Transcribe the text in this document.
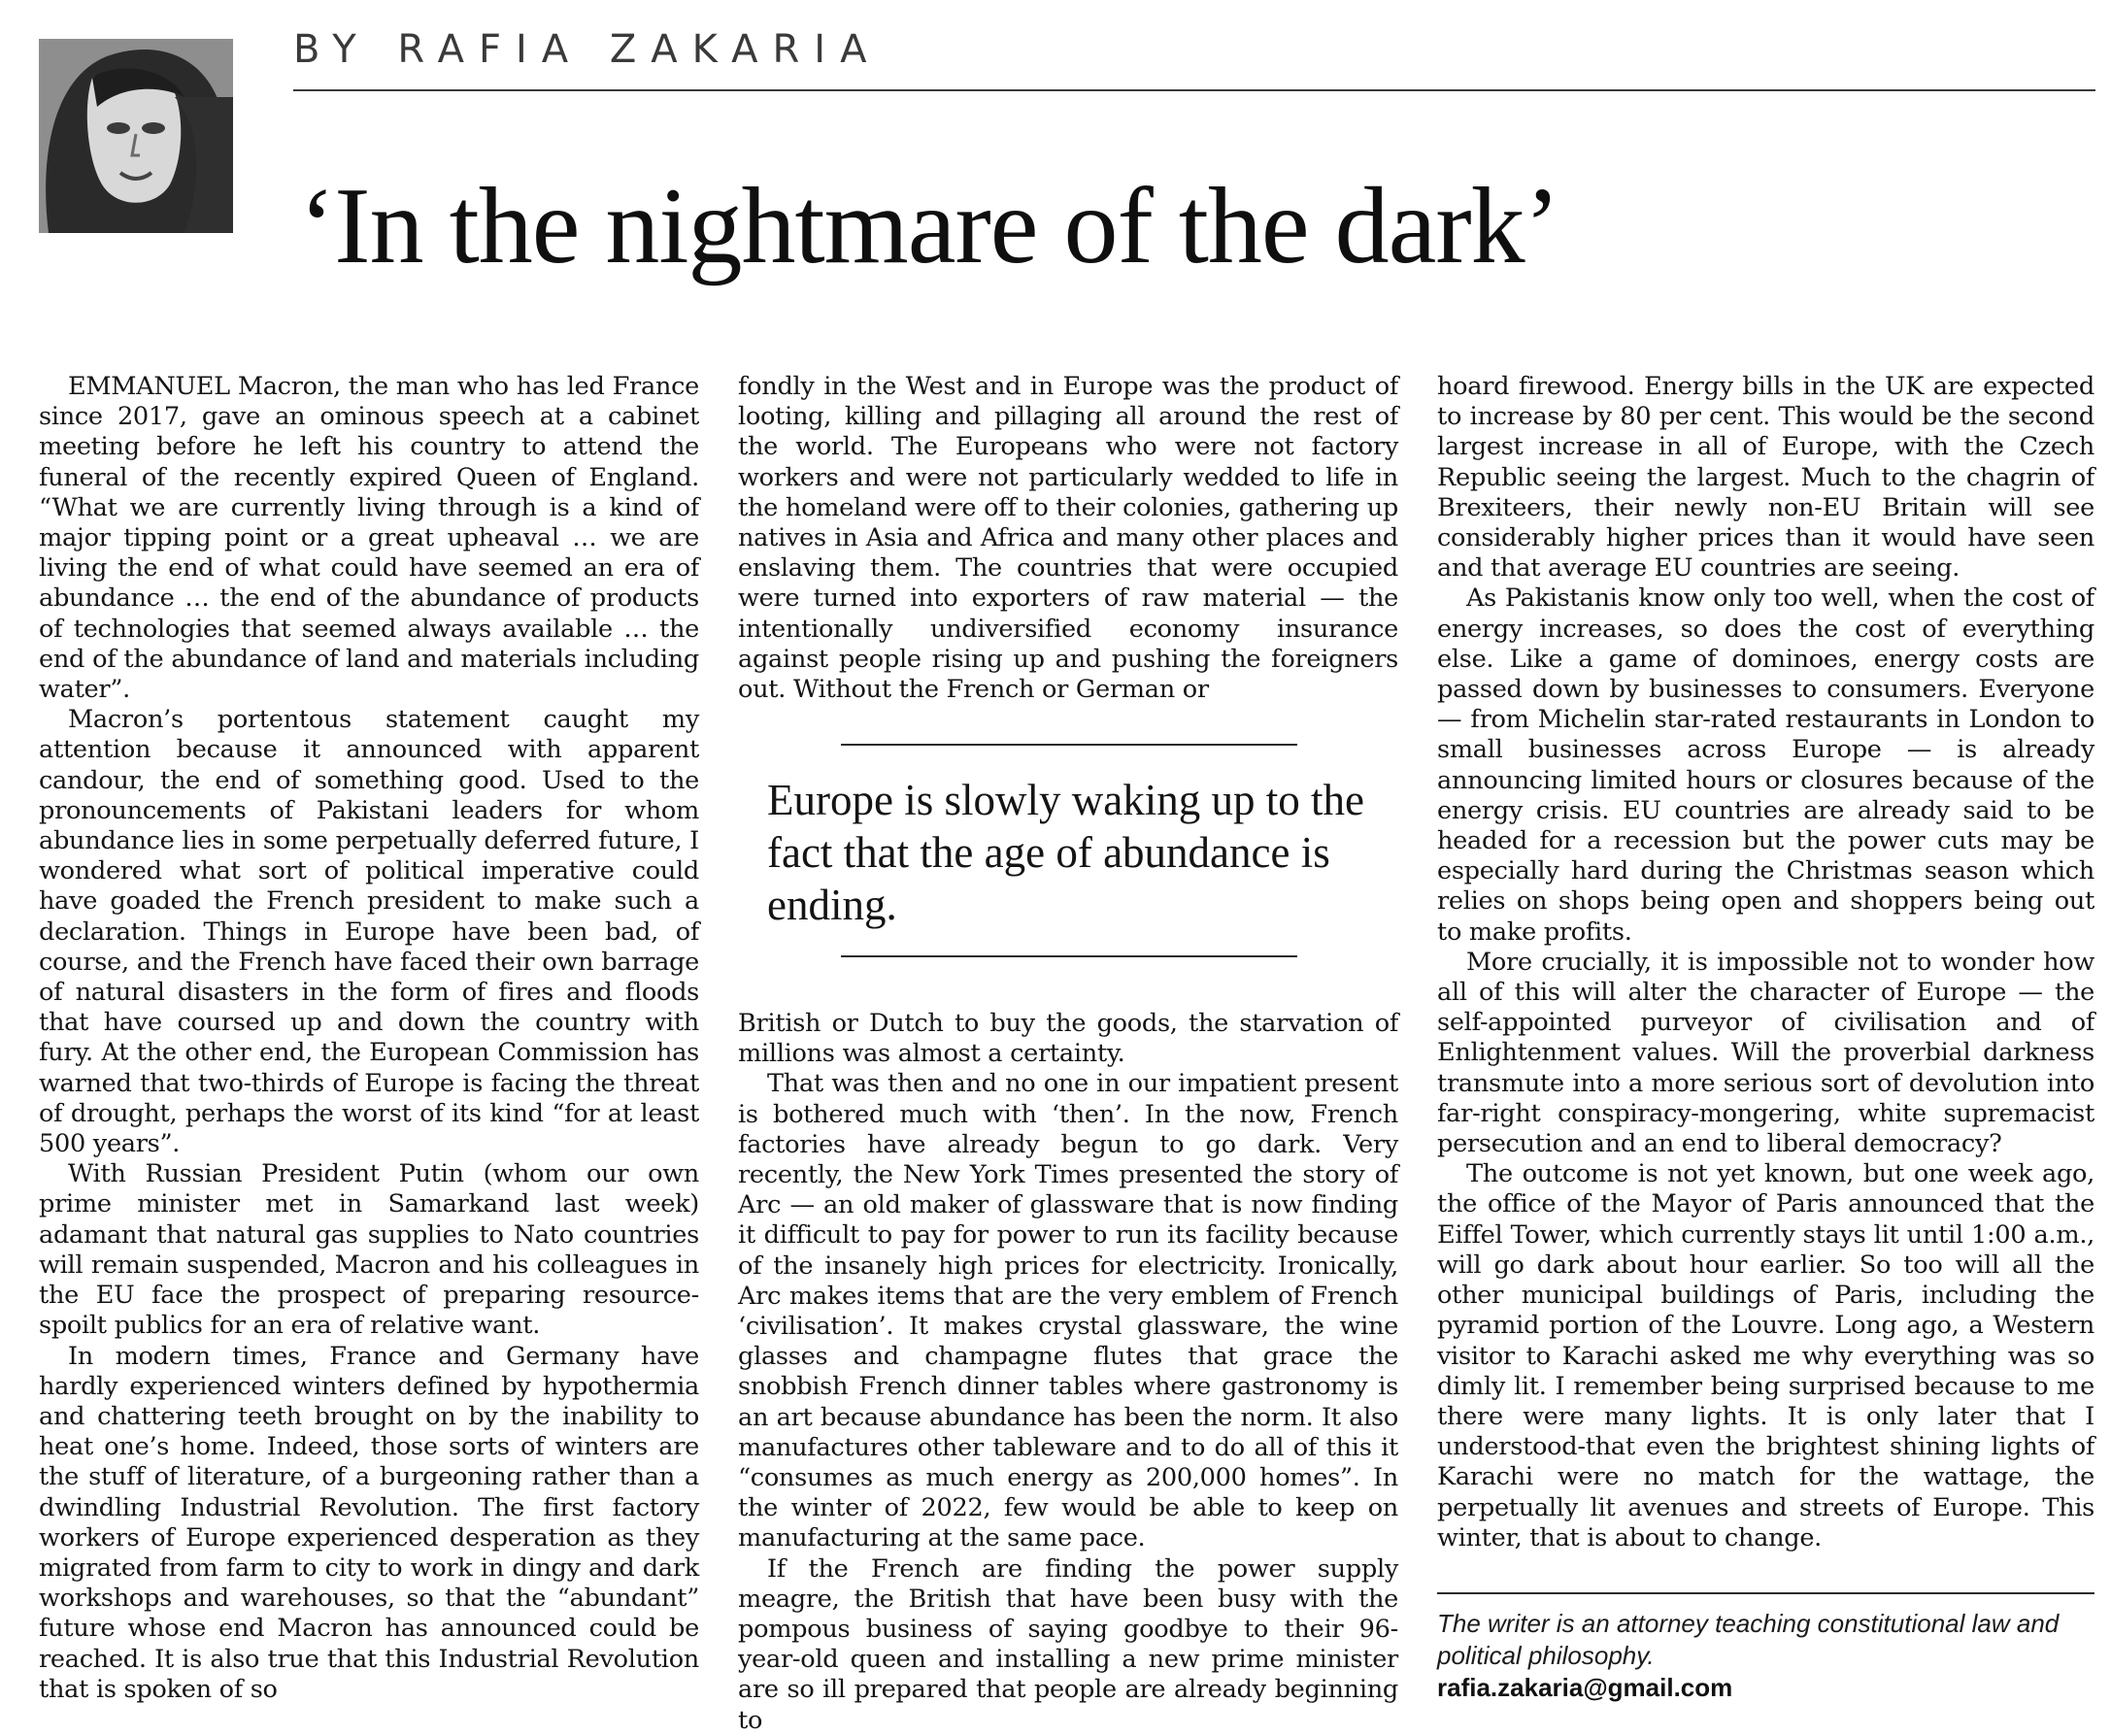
BY RAFIA ZAKARIA
‘In the nightmare of the dark’

EMMANUEL Macron, the man who has led France since 2017, gave an ominous speech at a cabinet meeting before he left his country to attend the funeral of the recently expired Queen of England. “What we are currently living through is a kind of major tipping point or a great upheaval … we are living the end of what could have seemed an era of abundance … the end of the abundance of products of technologies that seemed always available … the end of the abundance of land and materials including water”.

Macron’s portentous statement caught my attention because it announced with apparent candour, the end of something good. Used to the pronouncements of Pakistani leaders for whom abundance lies in some perpetually deferred future, I wondered what sort of political imperative could have goaded the French president to make such a declaration. Things in Europe have been bad, of course, and the French have faced their own barrage of natural disasters in the form of fires and floods that have coursed up and down the country with fury. At the other end, the European Commission has warned that two-thirds of Europe is facing the threat of drought, perhaps the worst of its kind “for at least 500 years”.

With Russian President Putin (whom our own prime minister met in Samarkand last week) adamant that natural gas supplies to Nato countries will remain suspended, Macron and his colleagues in the EU face the prospect of preparing resource-spoilt publics for an era of relative want.

In modern times, France and Germany have hardly experienced winters defined by hypothermia and chattering teeth brought on by the inability to heat one’s home. Indeed, those sorts of winters are the stuff of literature, of a burgeoning rather than a dwindling Industrial Revolution. The first factory workers of Europe experienced desperation as they migrated from farm to city to work in dingy and dark workshops and warehouses, so that the “abundant” future whose end Macron has announced could be reached. It is also true that this Industrial Revolution that is spoken of so

fondly in the West and in Europe was the product of looting, killing and pillaging all around the rest of the world. The Europeans who were not factory workers and were not particularly wedded to life in the homeland were off to their colonies, gathering up natives in Asia and Africa and many other places and enslaving them. The countries that were occupied were turned into exporters of raw material — the intentionally undiversified economy insurance against people rising up and pushing the foreigners out. Without the French or German or

Europe is slowly waking up to the fact that the age of abundance is ending.

British or Dutch to buy the goods, the starvation of millions was almost a certainty.

That was then and no one in our impatient present is bothered much with ‘then’. In the now, French factories have already begun to go dark. Very recently, the New York Times presented the story of Arc — an old maker of glassware that is now finding it difficult to pay for power to run its facility because of the insanely high prices for electricity. Ironically, Arc makes items that are the very emblem of French ‘civilisation’. It makes crystal glassware, the wine glasses and champagne flutes that grace the snobbish French dinner tables where gastronomy is an art because abundance has been the norm. It also manufactures other tableware and to do all of this it “consumes as much energy as 200,000 homes”. In the winter of 2022, few would be able to keep on manufacturing at the same pace.

If the French are finding the power supply meagre, the British that have been busy with the pompous business of saying goodbye to their 96-year-old queen and installing a new prime minister are so ill prepared that people are already beginning to

hoard firewood. Energy bills in the UK are expected to increase by 80 per cent. This would be the second largest increase in all of Europe, with the Czech Republic seeing the largest. Much to the chagrin of Brexiteers, their newly non-EU Britain will see considerably higher prices than it would have seen and that average EU countries are seeing.

As Pakistanis know only too well, when the cost of energy increases, so does the cost of everything else. Like a game of dominoes, energy costs are passed down by businesses to consumers. Everyone — from Michelin star-rated restaurants in London to small businesses across Europe — is already announcing limited hours or closures because of the energy crisis. EU countries are already said to be headed for a recession but the power cuts may be especially hard during the Christmas season which relies on shops being open and shoppers being out to make profits.

More crucially, it is impossible not to wonder how all of this will alter the character of Europe — the self-appointed purveyor of civilisation and of Enlightenment values. Will the proverbial darkness transmute into a more serious sort of devolution into far-right conspiracy-mongering, white supremacist persecution and an end to liberal democracy?

The outcome is not yet known, but one week ago, the office of the Mayor of Paris announced that the Eiffel Tower, which currently stays lit until 1:00 a.m., will go dark about hour earlier. So too will all the other municipal buildings of Paris, including the pyramid portion of the Louvre. Long ago, a Western visitor to Karachi asked me why everything was so dimly lit. I remember being surprised because to me there were many lights. It is only later that I understood-that even the brightest shining lights of Karachi were no match for the wattage, the perpetually lit avenues and streets of Europe. This winter, that is about to change.

The writer is an attorney teaching constitutional law and political philosophy.

rafia.zakaria@gmail.com
